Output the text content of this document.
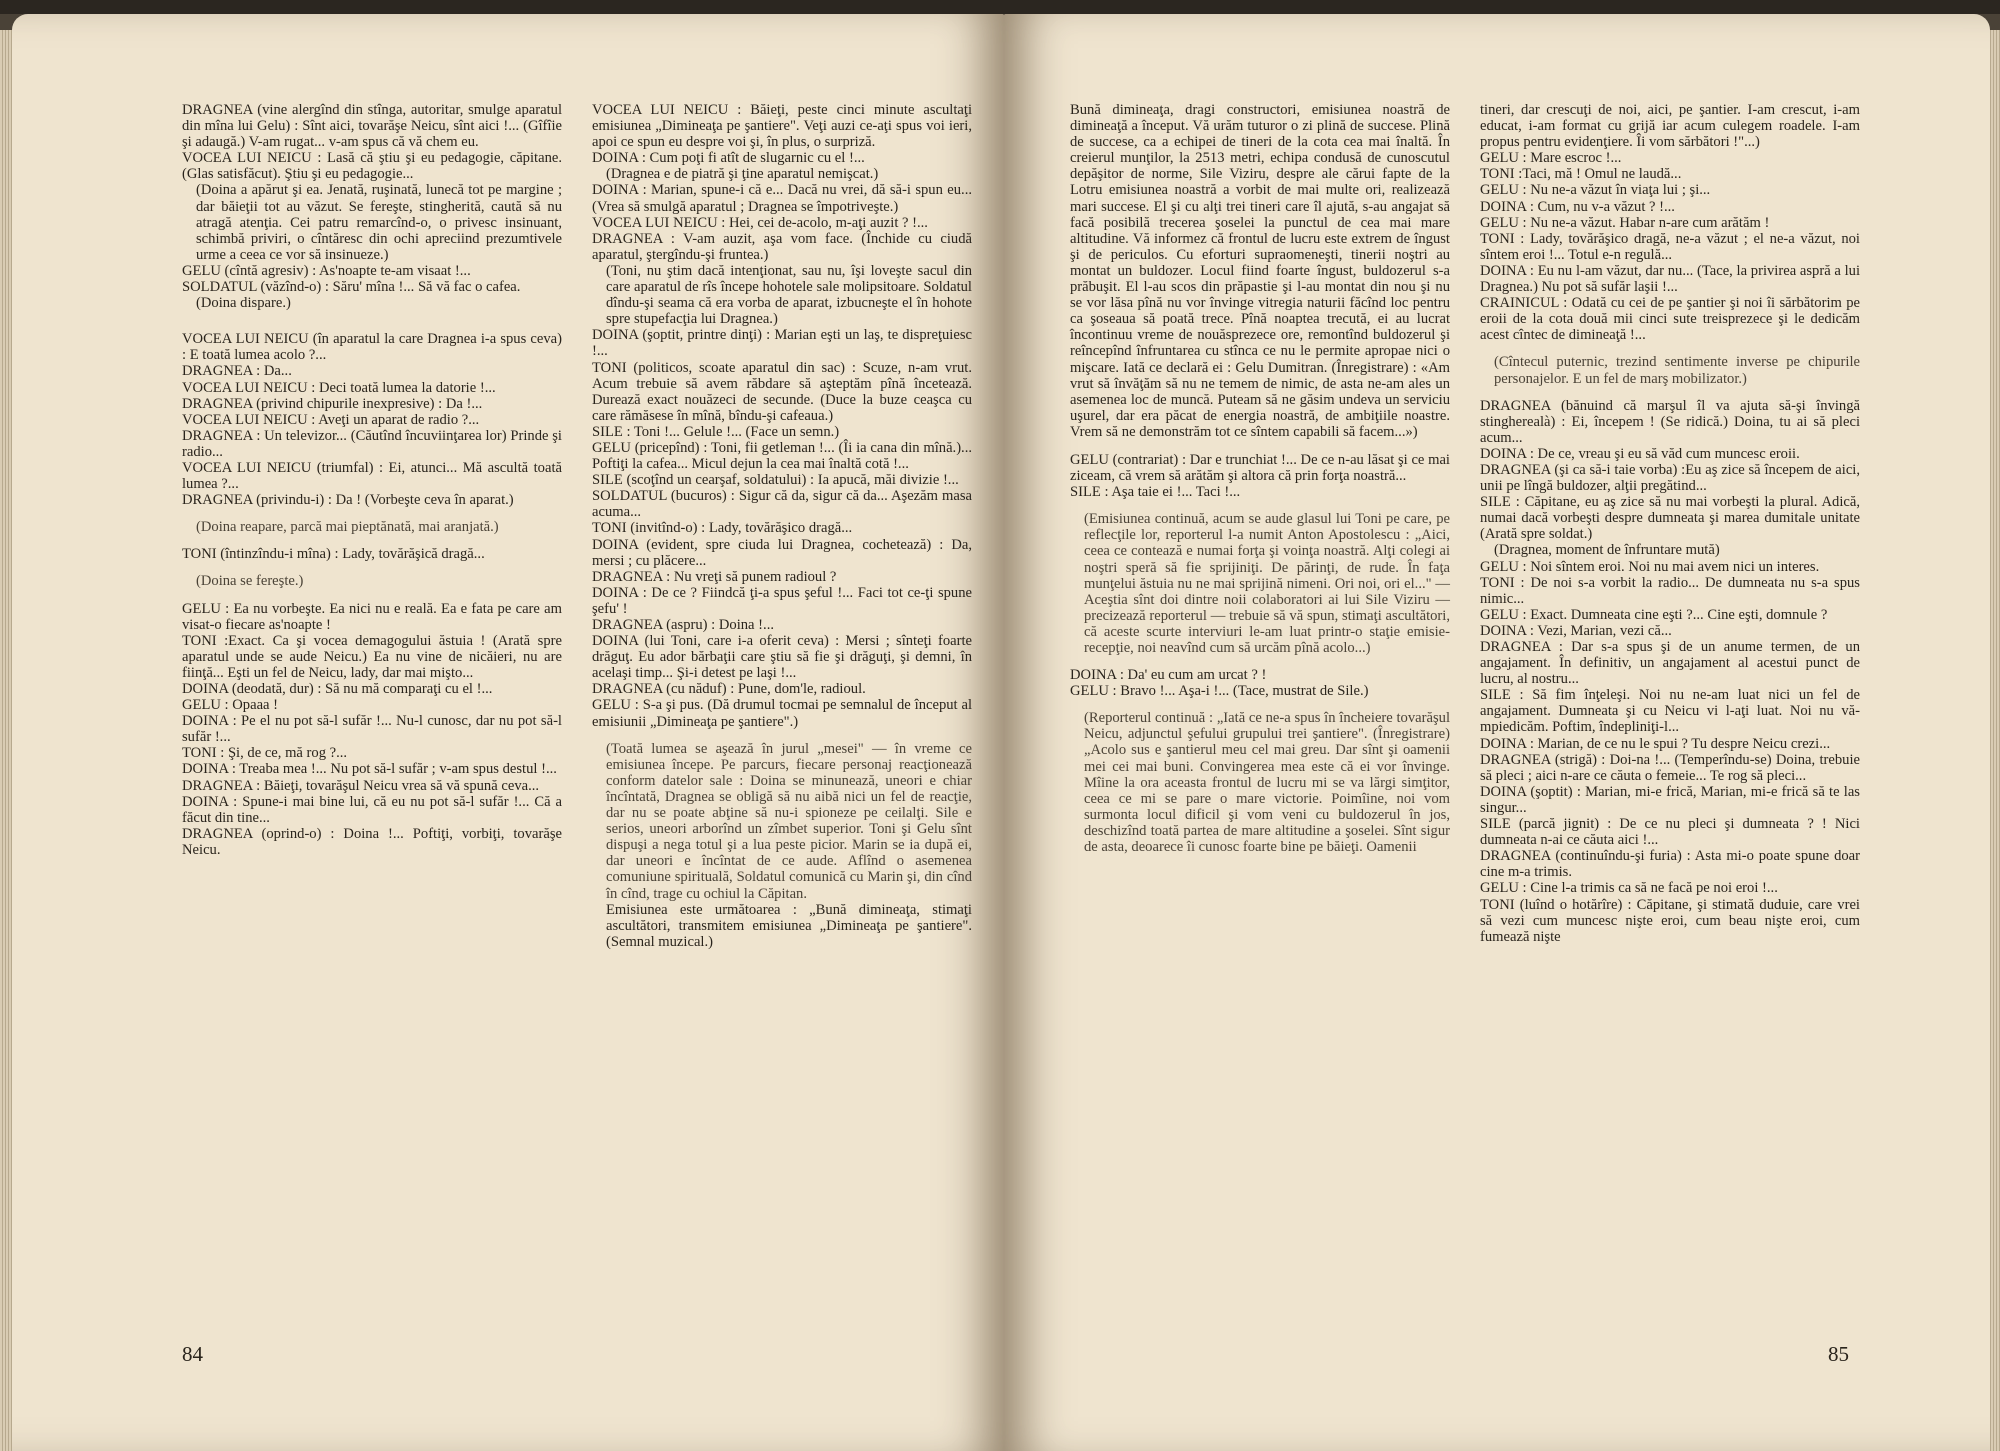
DRAGNEA (vine alergînd din stînga, autoritar, smulge aparatul din mîna lui Gelu) : Sînt aici, tovarăşe Neicu, sînt aici !... (Gîfîie şi adaugă.) V-am rugat... v-am spus că vă chem eu.

VOCEA LUI NEICU : Lasă că ştiu şi eu pedagogie, căpitane. (Glas satisfăcut). Ştiu şi eu pedagogie...

(Doina a apărut şi ea. Jenată, ruşinată, lunecă tot pe margine ; dar băieţii tot au văzut. Se fereşte, stingherită, caută să nu atragă atenţia. Cei patru remarcînd-o, o privesc insinuant, schimbă priviri, o cîntăresc din ochi apreciind prezumtivele urme a ceea ce vor să insinueze.)

GELU (cîntă agresiv) : As'noapte te-am visaat !...

SOLDATUL (văzînd-o) : Săru' mîna !... Să vă fac o cafea.

(Doina dispare.)

VOCEA LUI NEICU (în aparatul la care Dragnea i-a spus ceva) : E toată lumea acolo ?...

DRAGNEA : Da...

VOCEA LUI NEICU : Deci toată lumea la datorie !...

DRAGNEA (privind chipurile inexpresive) : Da !...

VOCEA LUI NEICU : Aveţi un aparat de radio ?...

DRAGNEA : Un televizor... (Căutînd încuviinţarea lor) Prinde şi radio...

VOCEA LUI NEICU (triumfal) : Ei, atunci... Mă ascultă toată lumea ?...

DRAGNEA (privindu-i) : Da ! (Vorbeşte ceva în aparat.)

(Doina reapare, parcă mai pieptănată, mai aranjată.)

TONI (întinzîndu-i mîna) : Lady, tovărăşică dragă...

(Doina se fereşte.)

GELU : Ea nu vorbeşte. Ea nici nu e reală. Ea e fata pe care am visat-o fiecare as'noapte !

TONI :Exact. Ca şi vocea demagogului ăstuia ! (Arată spre aparatul unde se aude Neicu.) Ea nu vine de nicăieri, nu are fiinţă... Eşti un fel de Neicu, lady, dar mai mişto...

DOINA (deodată, dur) : Să nu mă comparaţi cu el !...

GELU : Opaaa !

DOINA : Pe el nu pot să-l sufăr !... Nu-l cunosc, dar nu pot să-l sufăr !...

TONI : Şi, de ce, mă rog ?...

DOINA : Treaba mea !... Nu pot să-l sufăr ; v-am spus destul !...

DRAGNEA : Băieţi, tovarăşul Neicu vrea să vă spună ceva...

DOINA : Spune-i mai bine lui, că eu nu pot să-l sufăr !... Că a făcut din tine...

DRAGNEA (oprind-o) : Doina !... Poftiţi, vorbiţi, tovarăşe Neicu.

VOCEA LUI NEICU : Băieţi, peste cinci minute ascultaţi emisiunea „Dimineaţa pe şantiere". Veţi auzi ce-aţi spus voi ieri, apoi ce spun eu despre voi şi, în plus, o surpriză.

DOINA : Cum poţi fi atît de slugarnic cu el !...

(Dragnea e de piatră şi ţine aparatul nemişcat.)

DOINA : Marian, spune-i că e... Dacă nu vrei, dă să-i spun eu... (Vrea să smulgă aparatul ; Dragnea se împotriveşte.)

VOCEA LUI NEICU : Hei, cei de-acolo, m-aţi auzit ? !...

DRAGNEA : V-am auzit, aşa vom face. (Închide cu ciudă aparatul, ştergîndu-şi fruntea.)

(Toni, nu ştim dacă intenţionat, sau nu, îşi loveşte sacul din care aparatul de rîs începe hohotele sale molipsitoare. Soldatul dîndu-şi seama că era vorba de aparat, izbucneşte el în hohote spre stupefacţia lui Dragnea.)

DOINA (şoptit, printre dinţi) : Marian eşti un laş, te dispreţuiesc !...

TONI (politicos, scoate aparatul din sac) : Scuze, n-am vrut. Acum trebuie să avem răbdare să aşteptăm pînă încetează. Durează exact nouăzeci de secunde. (Duce la buze ceaşca cu care rămăsese în mînă, bîndu-şi cafeaua.)

SILE : Toni !... Gelule !... (Face un semn.)

GELU (pricepînd) : Toni, fii getleman !... (Îi ia cana din mînă.)... Poftiţi la cafea... Micul dejun la cea mai înaltă cotă !...

SILE (scoţînd un cearşaf, soldatului) : Ia apucă, măi divizie !...

SOLDATUL (bucuros) : Sigur că da, sigur că da... Aşezăm masa acuma...

TONI (invitînd-o) : Lady, tovărăşico dragă...

DOINA (evident, spre ciuda lui Dragnea, cochetează) : Da, mersi ; cu plăcere...

DRAGNEA : Nu vreţi să punem radioul ?

DOINA : De ce ? Fiindcă ţi-a spus şeful !... Faci tot ce-ţi spune şefu' !

DRAGNEA (aspru) : Doina !...

DOINA (lui Toni, care i-a oferit ceva) : Mersi ; sînteţi foarte drăguţ. Eu ador bărbaţii care ştiu să fie şi drăguţi, şi demni, în acelaşi timp... Şi-i detest pe laşi !...

DRAGNEA (cu năduf) : Pune, dom'le, radioul.

GELU : S-a şi pus. (Dă drumul tocmai pe semnalul de început al emisiunii „Dimineaţa pe şantiere".)

(Toată lumea se aşează în jurul „mesei" — în vreme ce emisiunea începe. Pe parcurs, fiecare personaj reacţionează conform datelor sale : Doina se minunează, uneori e chiar încîntată, Dragnea se obligă să nu aibă nici un fel de reacţie, dar nu se poate abţine să nu-i spioneze pe ceilalţi. Sile e serios, uneori arborînd un zîmbet superior. Toni şi Gelu sînt dispuşi a nega totul şi a lua peste picior. Marin se ia după ei, dar uneori e încîntat de ce aude. Aflînd o asemenea comuniune spirituală, Soldatul comunică cu Marin şi, din cînd în cînd, trage cu ochiul la Căpitan.

Emisiunea este următoarea : „Bună dimineaţa, stimaţi ascultători, transmitem emisiunea „Dimineaţa pe şantiere". (Semnal muzical.)

84

Bună dimineaţa, dragi constructori, emisiunea noastră de dimineaţă a început. Vă urăm tuturor o zi plină de succese. Plină de succese, ca a echipei de tineri de la cota cea mai înaltă. În creierul munţilor, la 2513 metri, echipa condusă de cunoscutul depăşitor de norme, Sile Viziru, despre ale cărui fapte de la Lotru emisiunea noastră a vorbit de mai multe ori, realizează mari succese. El şi cu alţi trei tineri care îl ajută, s-au angajat să facă posibilă trecerea şoselei la punctul de cea mai mare altitudine. Vă informez că frontul de lucru este extrem de îngust şi de periculos. Cu eforturi supraomeneşti, tinerii noştri au montat un buldozer. Locul fiind foarte îngust, buldozerul s-a prăbuşit. El l-au scos din prăpastie şi l-au montat din nou şi nu se vor lăsa pînă nu vor învinge vitregia naturii făcînd loc pentru ca şoseaua să poată trece. Pînă noaptea trecută, ei au lucrat încontinuu vreme de nouăsprezece ore, remontînd buldozerul şi reîncepînd înfruntarea cu stînca ce nu le permite apropae nici o mişcare. Iată ce declară ei : Gelu Dumitran. (Înregistrare) : «Am vrut să învăţăm să nu ne temem de nimic, de asta ne-am ales un asemenea loc de muncă. Puteam să ne găsim undeva un serviciu uşurel, dar era păcat de energia noastră, de ambiţiile noastre. Vrem să ne demonstrăm tot ce sîntem capabili să facem...»)

GELU (contrariat) : Dar e trunchiat !... De ce n-au lăsat şi ce mai ziceam, că vrem să arătăm şi altora că prin forţa noastră...

SILE : Aşa taie ei !... Taci !...

(Emisiunea continuă, acum se aude glasul lui Toni pe care, pe reflecţile lor, reporterul l-a numit Anton Apostolescu : „Aici, ceea ce contează e numai forţa şi voinţa noastră. Alţi colegi ai noştri speră să fie sprijiniţi. De părinţi, de rude. În faţa munţelui ăstuia nu ne mai sprijină nimeni. Ori noi, ori el..." — Aceştia sînt doi dintre noii colaboratori ai lui Sile Viziru — precizează reporterul — trebuie să vă spun, stimaţi ascultători, că aceste scurte interviuri le-am luat printr-o staţie emisie-recepţie, noi neavînd cum să urcăm pînă acolo...)

DOINA : Da' eu cum am urcat ? !

GELU : Bravo !... Aşa-i !... (Tace, mustrat de Sile.)

(Reporterul continuă : „Iată ce ne-a spus în încheiere tovarăşul Neicu, adjunctul şefului grupului trei şantiere". (Înregistrare) „Acolo sus e şantierul meu cel mai greu. Dar sînt şi oamenii mei cei mai buni. Convingerea mea este că ei vor învinge. Mîine la ora aceasta frontul de lucru mi se va lărgi simţitor, ceea ce mi se pare o mare victorie. Poimîine, noi vom surmonta locul dificil şi vom veni cu buldozerul în jos, deschizînd toată partea de mare altitudine a şoselei. Sînt sigur de asta, deoarece îi cunosc foarte bine pe băieţi. Oamenii

tineri, dar crescuţi de noi, aici, pe şantier. I-am crescut, i-am educat, i-am format cu grijă iar acum culegem roadele. I-am propus pentru evidenţiere. Îi vom sărbători !"...)

GELU : Mare escroc !...

TONI :Taci, mă ! Omul ne laudă...

GELU : Nu ne-a văzut în viaţa lui ; şi...

DOINA : Cum, nu v-a văzut ? !...

GELU : Nu ne-a văzut. Habar n-are cum arătăm !

TONI : Lady, tovărăşico dragă, ne-a văzut ; el ne-a văzut, noi sîntem eroi !... Totul e-n regulă...

DOINA : Eu nu l-am văzut, dar nu... (Tace, la privirea aspră a lui Dragnea.) Nu pot să sufăr laşii !...

CRAINICUL : Odată cu cei de pe şantier şi noi îi sărbătorim pe eroii de la cota două mii cinci sute treisprezece şi le dedicăm acest cîntec de dimineaţă !...

(Cîntecul puternic, trezind sentimente inverse pe chipurile personajelor. E un fel de marş mobilizator.)

DRAGNEA (bănuind că marşul îl va ajuta să-şi învingă stingherealà) : Ei, începem ! (Se ridică.) Doina, tu ai să pleci acum...

DOINA : De ce, vreau şi eu să văd cum muncesc eroii.

DRAGNEA (şi ca să-i taie vorba) :Eu aş zice să începem de aici, unii pe lîngă buldozer, alţii pregătind...

SILE : Căpitane, eu aş zice să nu mai vorbeşti la plural. Adică, numai dacă vorbeşti despre dumneata şi marea dumitale unitate (Arată spre soldat.)

(Dragnea, moment de înfruntare mută)

GELU : Noi sîntem eroi. Noi nu mai avem nici un interes.

TONI : De noi s-a vorbit la radio... De dumneata nu s-a spus nimic...

GELU : Exact. Dumneata cine eşti ?... Cine eşti, domnule ?

DOINA : Vezi, Marian, vezi că...

DRAGNEA : Dar s-a spus şi de un anume termen, de un angajament. În definitiv, un angajament al acestui punct de lucru, al nostru...

SILE : Să fim înţeleşi. Noi nu ne-am luat nici un fel de angajament. Dumneata şi cu Neicu vi l-aţi luat. Noi nu vă-mpiedicăm. Poftim, îndepliniţi-l...

DOINA : Marian, de ce nu le spui ? Tu despre Neicu crezi...

DRAGNEA (strigă) : Doi-na !... (Temperîndu-se) Doina, trebuie să pleci ; aici n-are ce căuta o femeie... Te rog să pleci...

DOINA (şoptit) : Marian, mi-e frică, Marian, mi-e frică să te las singur...

SILE (parcă jignit) : De ce nu pleci şi dumneata ? ! Nici dumneata n-ai ce căuta aici !...

DRAGNEA (continuîndu-şi furia) : Asta mi-o poate spune doar cine m-a trimis.

GELU : Cine l-a trimis ca să ne facă pe noi eroi !...

TONI (luînd o hotărîre) : Căpitane, şi stimată duduie, care vrei să vezi cum muncesc nişte eroi, cum beau nişte eroi, cum fumează nişte

85
